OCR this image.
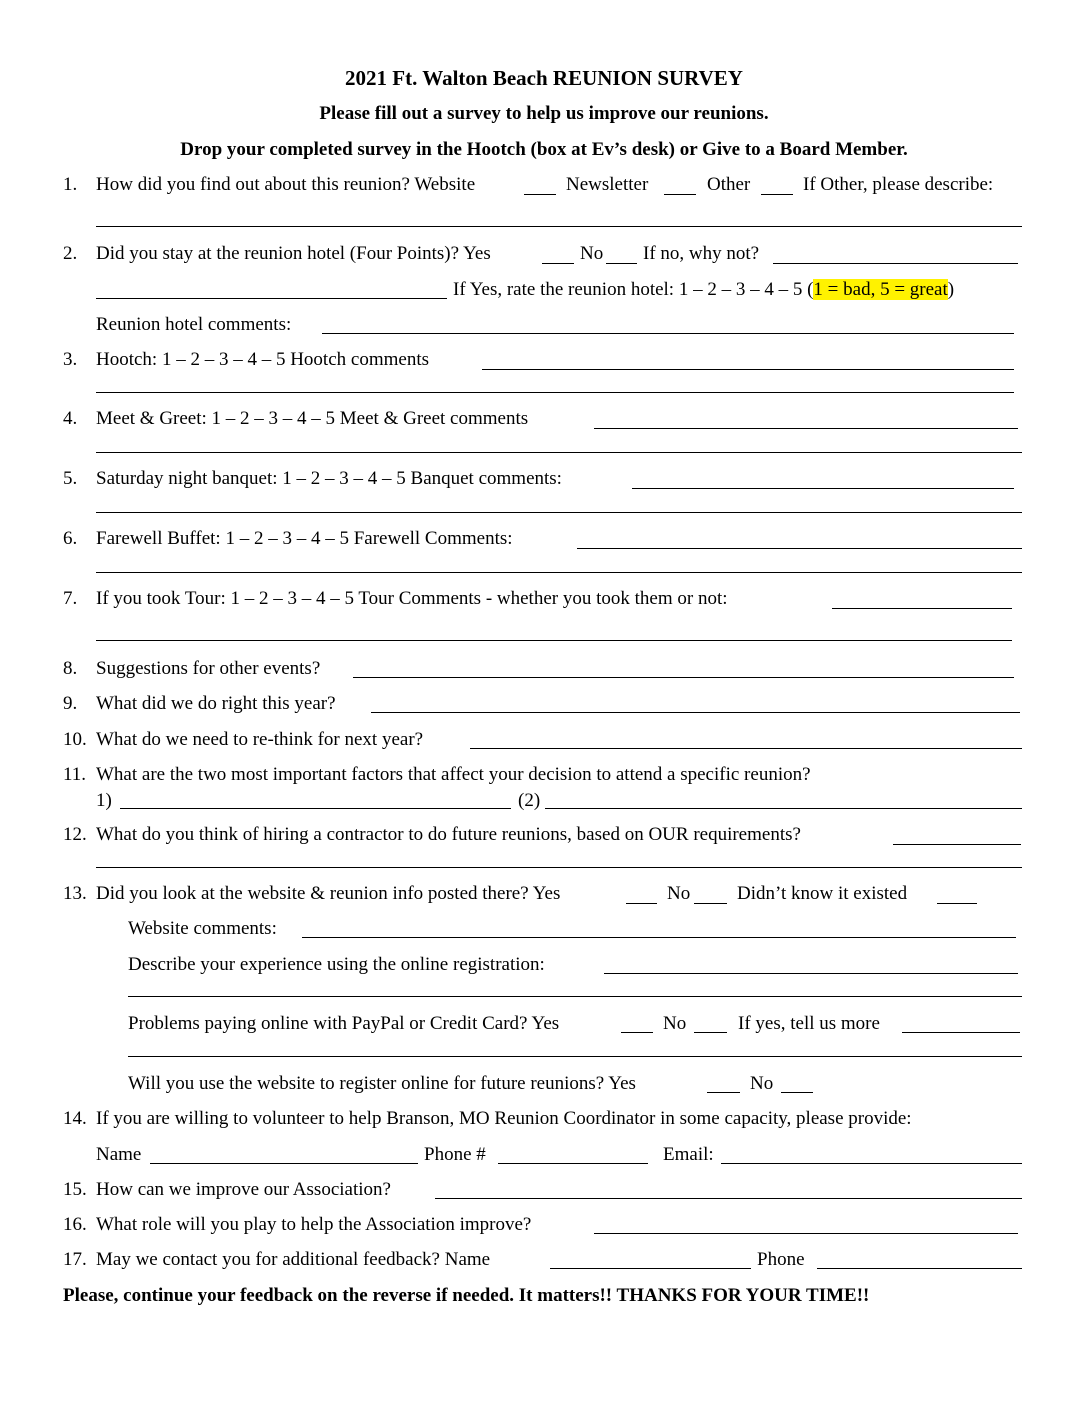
2021 Ft. Walton Beach REUNION SURVEY
Please fill out a survey to help us improve our reunions.
Drop your completed survey in the Hootch (box at Ev’s desk) or Give to a Board Member.
1. How did you find out about this reunion? Website	Newsletter	Other	If Other, please describe:
2. Did you stay at the reunion hotel (Four Points)? Yes	No If no, why not?
If Yes, rate the reunion hotel: 1 – 2 – 3 – 4 – 5 (1 = bad, 5 = great)
Reunion hotel comments:
3. Hootch: 1 – 2 – 3 – 4 – 5 Hootch comments
4. Meet & Greet: 1 – 2 – 3 – 4 – 5 Meet & Greet comments
5. Saturday night banquet: 1 – 2 – 3 – 4 – 5 Banquet comments:
6. Farewell Buffet: 1 – 2 – 3 – 4 – 5 Farewell Comments:
7. If you took Tour: 1 – 2 – 3 – 4 – 5 Tour Comments - whether you took them or not:
8. Suggestions for other events?
9. What did we do right this year?
10. What do we need to re-think for next year?
11. What are the two most important factors that affect your decision to attend a specific reunion?
1)	(2)
12. What do you think of hiring a contractor to do future reunions, based on OUR requirements?
13. Did you look at the website & reunion info posted there? Yes	No Didn’t know it existed
Website comments:
Describe your experience using the online registration:
Problems paying online with PayPal or Credit Card? Yes	No	If yes, tell us more
Will you use the website to register online for future reunions? Yes	No
14. If you are willing to volunteer to help Branson, MO Reunion Coordinator in some capacity, please provide:
Name	Phone #	Email:
15. How can we improve our Association?
16. What role will you play to help the Association improve?
17. May we contact you for additional feedback? Name	Phone
Please, continue your feedback on the reverse if needed. It matters!! THANKS FOR YOUR TIME!!
